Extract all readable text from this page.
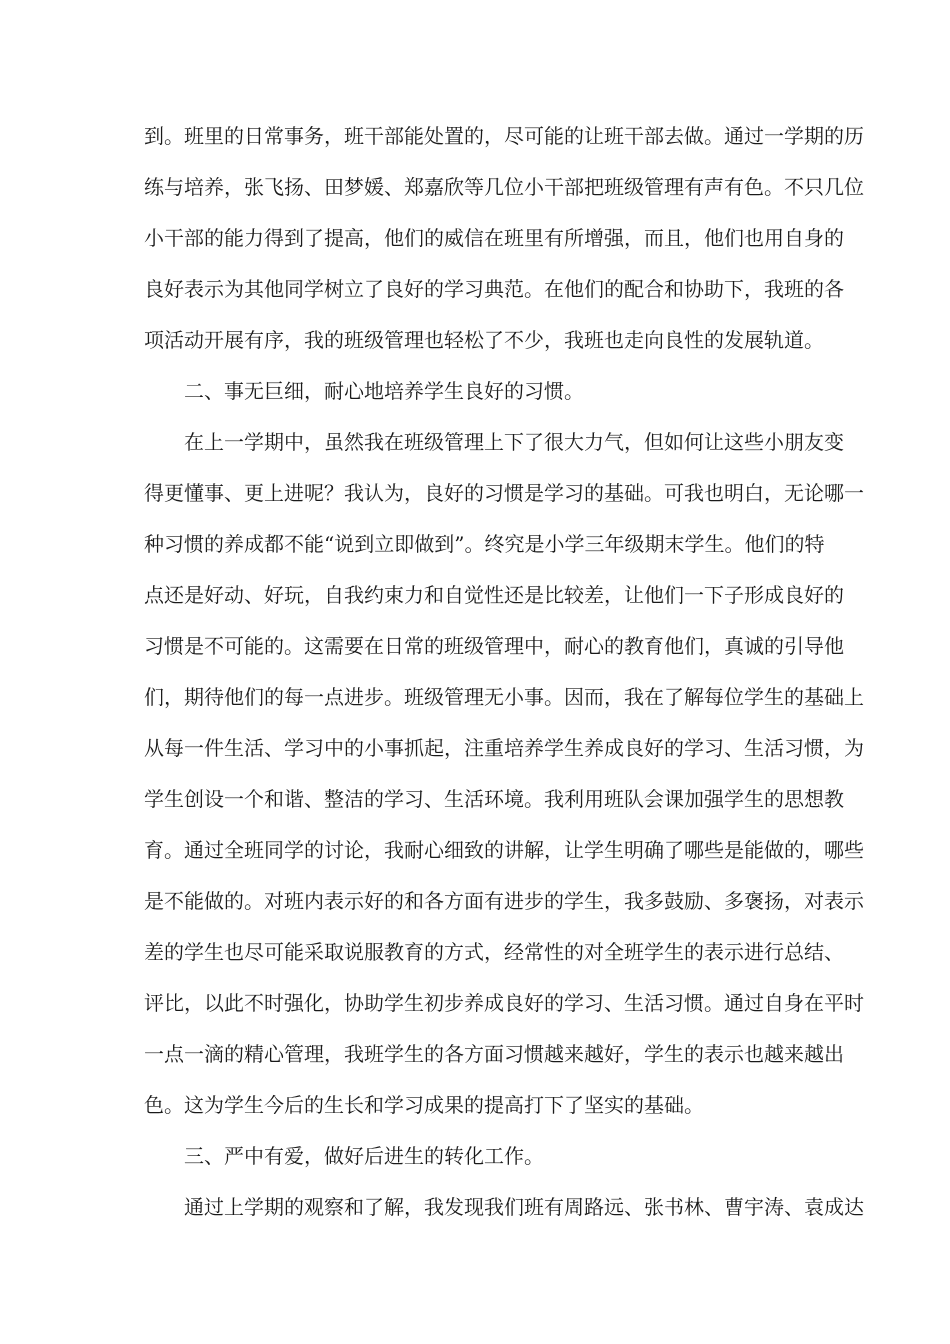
到。班里的日常事务，班干部能处置的，尽可能的让班干部去做。通过一学期的历
练与培养，张飞扬、田梦媛、郑嘉欣等几位小干部把班级管理有声有色。不只几位
小干部的能力得到了提高，他们的威信在班里有所增强，而且，他们也用自身的
良好表示为其他同学树立了良好的学习典范。在他们的配合和协助下，我班的各
项活动开展有序，我的班级管理也轻松了不少，我班也走向良性的发展轨道。
二、事无巨细，耐心地培养学生良好的习惯。
在上一学期中，虽然我在班级管理上下了很大力气，但如何让这些小朋友变
得更懂事、更上进呢？我认为，良好的习惯是学习的基础。可我也明白，无论哪一
种习惯的养成都不能“说到立即做到”。终究是小学三年级期末学生。他们的特
点还是好动、好玩，自我约束力和自觉性还是比较差，让他们一下子形成良好的
习惯是不可能的。这需要在日常的班级管理中，耐心的教育他们，真诚的引导他
们，期待他们的每一点进步。班级管理无小事。因而，我在了解每位学生的基础上
从每一件生活、学习中的小事抓起，注重培养学生养成良好的学习、生活习惯，为
学生创设一个和谐、整洁的学习、生活环境。我利用班队会课加强学生的思想教
育。通过全班同学的讨论，我耐心细致的讲解，让学生明确了哪些是能做的，哪些
是不能做的。对班内表示好的和各方面有进步的学生，我多鼓励、多褒扬，对表示
差的学生也尽可能采取说服教育的方式，经常性的对全班学生的表示进行总结、
评比，以此不时强化，协助学生初步养成良好的学习、生活习惯。通过自身在平时
一点一滴的精心管理，我班学生的各方面习惯越来越好，学生的表示也越来越出
色。这为学生今后的生长和学习成果的提高打下了坚实的基础。
三、严中有爱，做好后进生的转化工作。
通过上学期的观察和了解，我发现我们班有周路远、张书林、曹宇涛、袁成达
